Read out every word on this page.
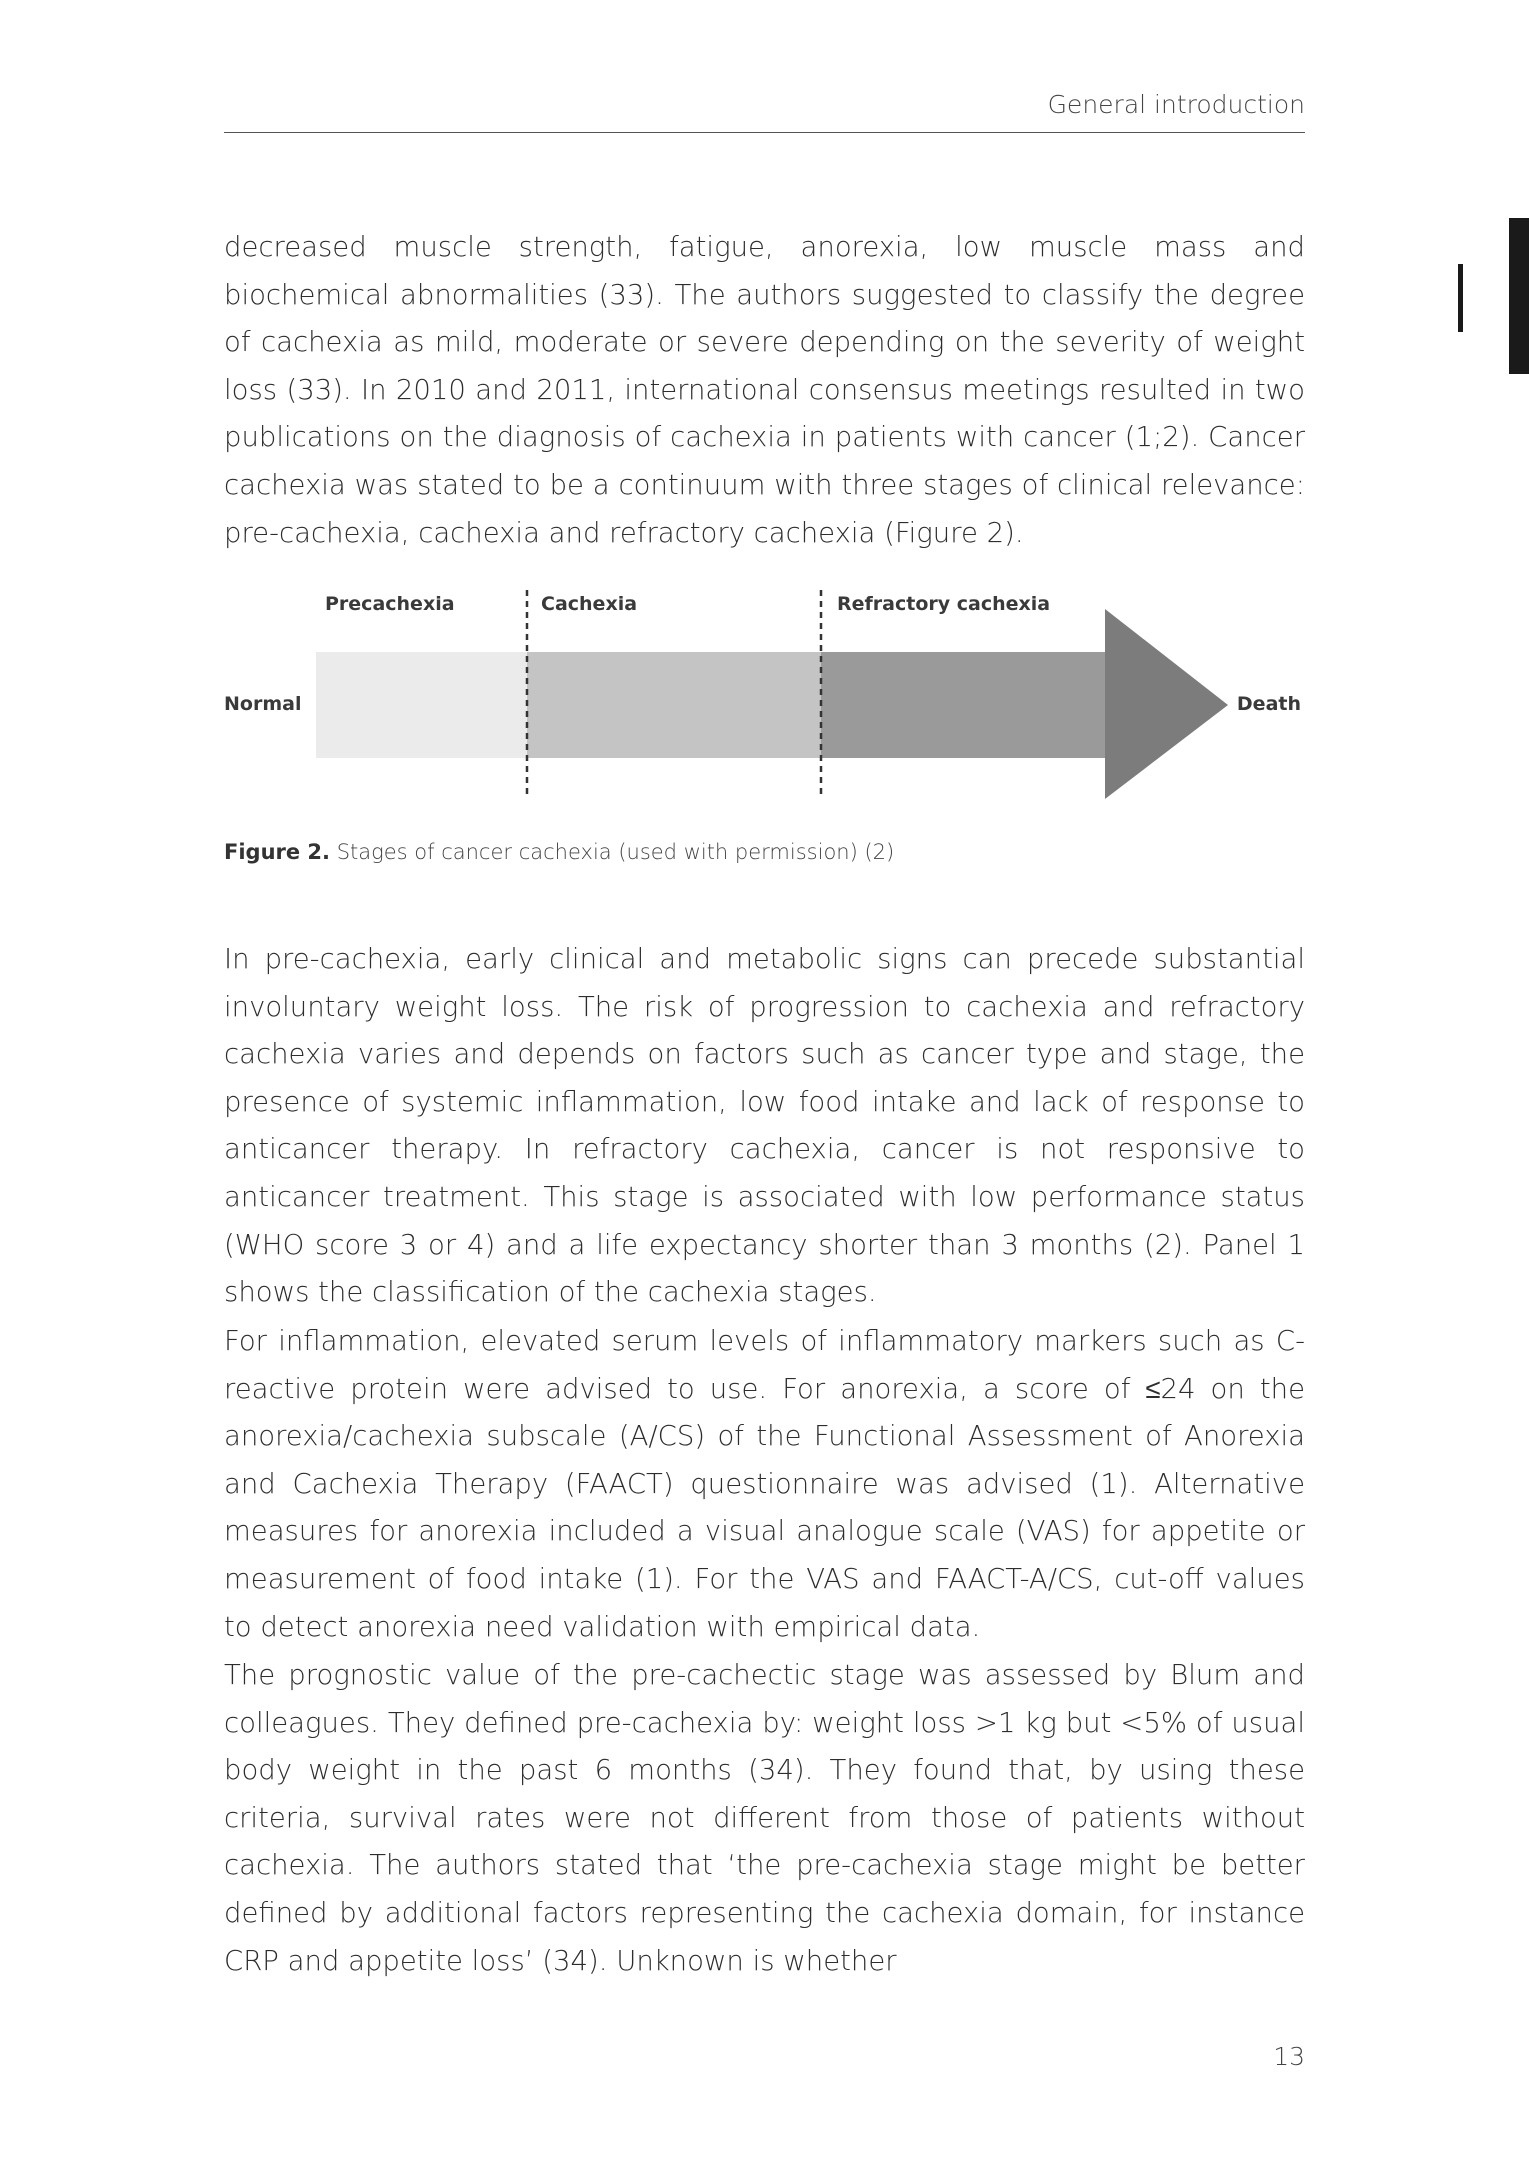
General introduction

decreased muscle strength, fatigue, anorexia, low muscle mass and biochemical abnormalities (33). The authors suggested to classify the degree of cachexia as mild, moderate or severe depending on the severity of weight loss (33). In 2010 and 2011, international consensus meetings resulted in two publications on the diagnosis of cachexia in patients with cancer (1;2). Cancer cachexia was stated to be a continuum with three stages of clinical relevance: pre-cachexia, cachexia and refractory cachexia (Figure 2).

Precachexia	Cachexia	Refractory cachexia
Normal	Death
Figure 2. Stages of cancer cachexia (used with permission) (2)

In pre-cachexia, early clinical and metabolic signs can precede substantial involuntary weight loss. The risk of progression to cachexia and refractory cachexia varies and depends on factors such as cancer type and stage, the presence of systemic inflammation, low food intake and lack of response to anticancer therapy. In refractory cachexia, cancer is not responsive to anticancer treatment. This stage is associated with low performance status (WHO score 3 or 4) and a life expectancy shorter than 3 months (2). Panel 1 shows the classification of the cachexia stages.

For inflammation, elevated serum levels of inflammatory markers such as C-reactive protein were advised to use. For anorexia, a score of ≤24 on the anorexia/cachexia subscale (A/CS) of the Functional Assessment of Anorexia and Cachexia Therapy (FAACT) questionnaire was advised (1). Alternative measures for anorexia included a visual analogue scale (VAS) for appetite or measurement of food intake (1). For the VAS and FAACT-A/CS, cut-off values to detect anorexia need validation with empirical data.

The prognostic value of the pre-cachectic stage was assessed by Blum and colleagues. They defined pre-cachexia by: weight loss >1 kg but <5% of usual body weight in the past 6 months (34). They found that, by using these criteria, survival rates were not different from those of patients without cachexia. The authors stated that ‘the pre-cachexia stage might be better defined by additional factors representing the cachexia domain, for instance CRP and appetite loss’ (34). Unknown is whether

13
